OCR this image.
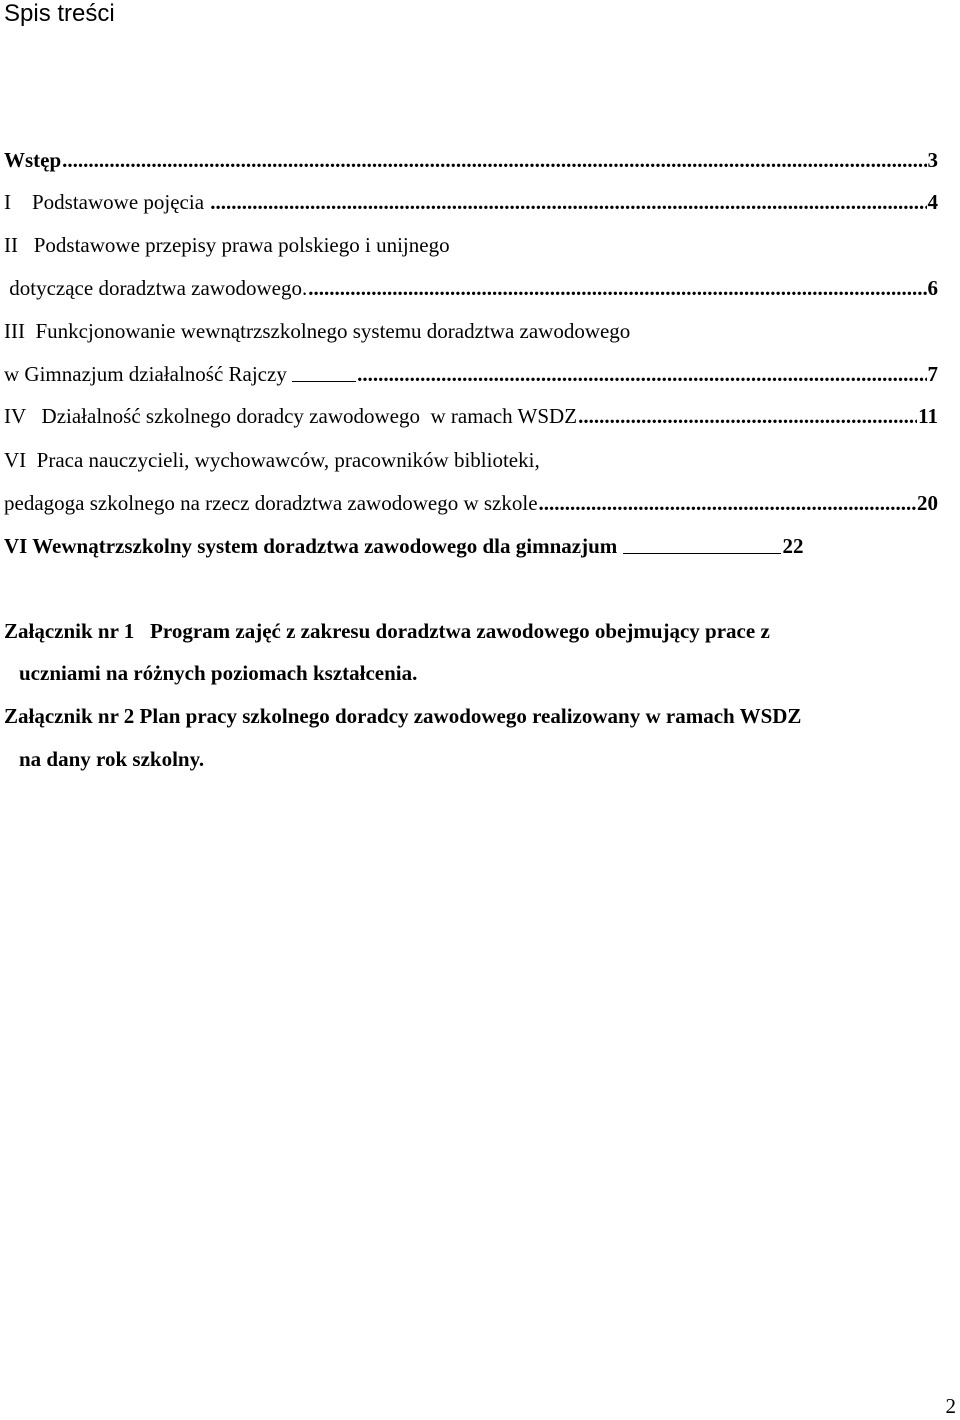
Spis treści
Wstęp .....	3
I    Podstawowe pojęcia .....	4
II   Podstawowe przepisy prawa polskiego i unijnego
dotyczące doradztwa zawodowego. .....	6
III  Funkcjonowanie wewnątrzszkolnego systemu doradztwa zawodowego
w Gimnazjum działalność Rajczy .....	7
IV   Działalność szkolnego doradcy zawodowego  w ramach WSDZ .....	11
VI  Praca nauczycieli, wychowawców, pracowników biblioteki,
pedagoga szkolnego na rzecz doradztwa zawodowego w szkole .....	20
VI Wewnątrzszkolny system doradztwa zawodowego dla gimnazjum	22
Załącznik nr 1   Program zajęć z zakresu doradztwa zawodowego obejmujący prace z
uczniami na różnych poziomach kształcenia.
Załącznik nr 2 Plan pracy szkolnego doradcy zawodowego realizowany w ramach WSDZ
na dany rok szkolny.
2
